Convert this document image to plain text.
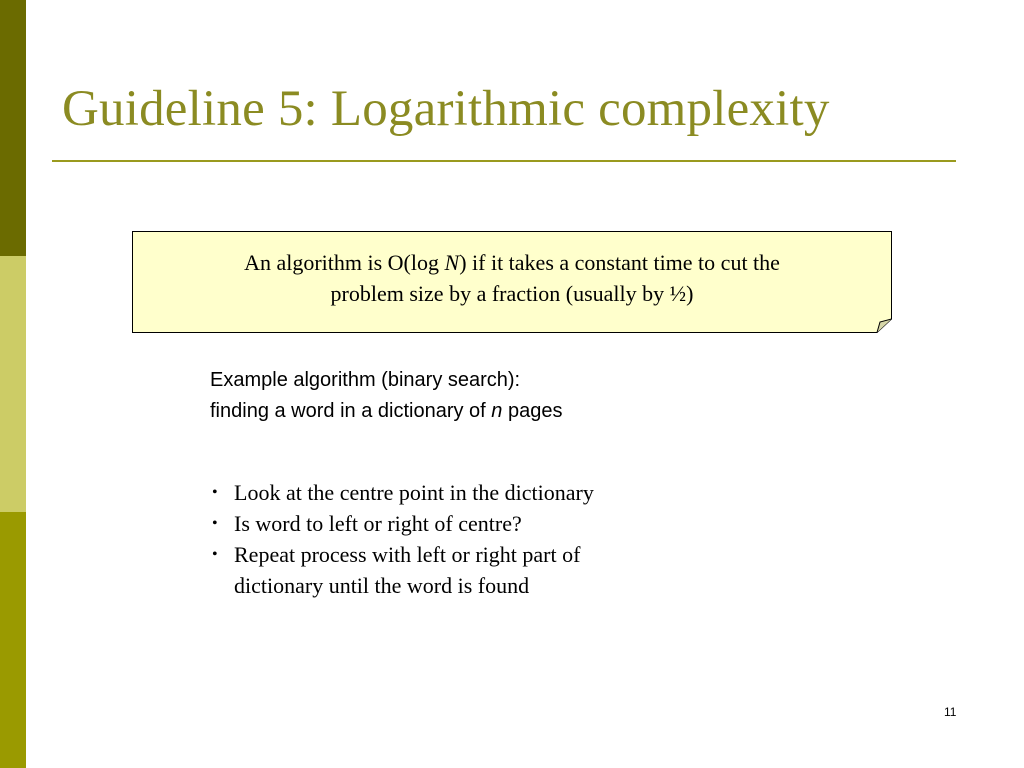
Guideline 5: Logarithmic complexity
An algorithm is O(log N) if it takes a constant time to cut the
problem size by a fraction (usually by ½)
Example algorithm (binary search):
finding a word in a dictionary of n pages
• Look at the centre point in the dictionary
• Is word to left or right of centre?
• Repeat process with left or right part of
dictionary until the word is found
11
